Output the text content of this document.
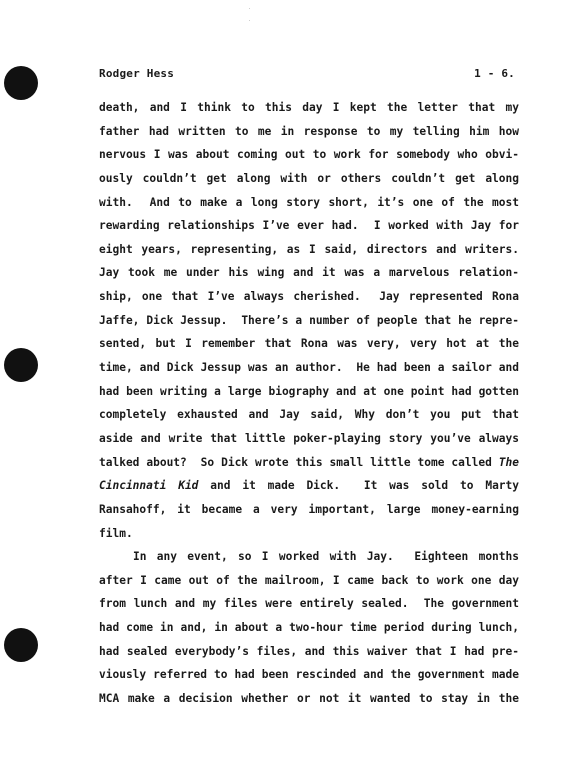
Rodger Hess	1 - 6.
death, and I think to this day I kept the letter that my
father had written to me in response to my telling him how
nervous I was about coming out to work for somebody who obvi-
ously couldn’t get along with or others couldn’t get along
with.  And to make a long story short, it’s one of the most
rewarding relationships I’ve ever had.  I worked with Jay for
eight years, representing, as I said, directors and writers.
Jay took me under his wing and it was a marvelous relation-
ship, one that I’ve always cherished.  Jay represented Rona
Jaffe, Dick Jessup.  There’s a number of people that he repre-
sented, but I remember that Rona was very, very hot at the
time, and Dick Jessup was an author.  He had been a sailor and
had been writing a large biography and at one point had gotten
completely exhausted and Jay said, Why don’t you put that
aside and write that little poker-playing story you’ve always
talked about?  So Dick wrote this small little tome called The
Cincinnati Kid and it made Dick.  It was sold to Marty
Ransahoff, it became a very important, large money-earning
film.
In any event, so I worked with Jay.  Eighteen months
after I came out of the mailroom, I came back to work one day
from lunch and my files were entirely sealed.  The government
had come in and, in about a two-hour time period during lunch,
had sealed everybody’s files, and this waiver that I had pre-
viously referred to had been rescinded and the government made
MCA make a decision whether or not it wanted to stay in the
